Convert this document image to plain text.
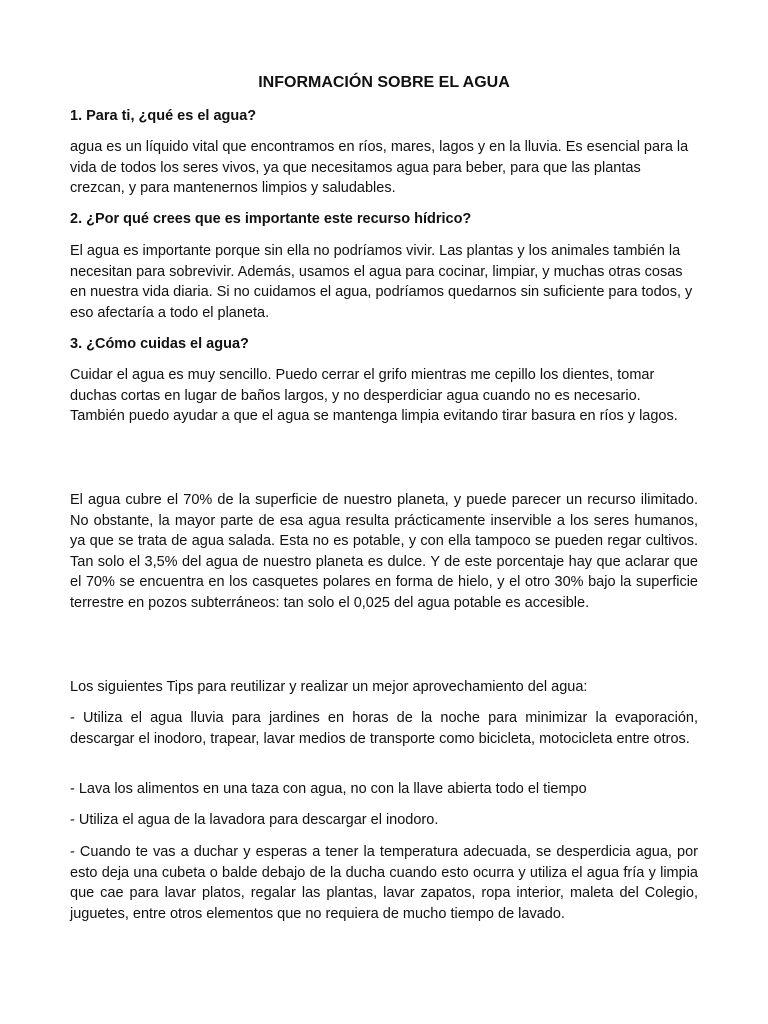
INFORMACIÓN SOBRE EL AGUA

1. Para ti, ¿qué es el agua?

agua es un líquido vital que encontramos en ríos, mares, lagos y en la lluvia. Es esencial para la vida de todos los seres vivos, ya que necesitamos agua para beber, para que las plantas crezcan, y para mantenernos limpios y saludables.

2. ¿Por qué crees que es importante este recurso hídrico?

El agua es importante porque sin ella no podríamos vivir. Las plantas y los animales también la necesitan para sobrevivir. Además, usamos el agua para cocinar, limpiar, y muchas otras cosas en nuestra vida diaria. Si no cuidamos el agua, podríamos quedarnos sin suficiente para todos, y eso afectaría a todo el planeta.

3. ¿Cómo cuidas el agua?

Cuidar el agua es muy sencillo. Puedo cerrar el grifo mientras me cepillo los dientes, tomar duchas cortas en lugar de baños largos, y no desperdiciar agua cuando no es necesario. También puedo ayudar a que el agua se mantenga limpia evitando tirar basura en ríos y lagos.

El agua cubre el 70% de la superficie de nuestro planeta, y puede parecer un recurso ilimitado. No obstante, la mayor parte de esa agua resulta prácticamente inservible a los seres humanos, ya que se trata de agua salada. Esta no es potable, y con ella tampoco se pueden regar cultivos. Tan solo el 3,5% del agua de nuestro planeta es dulce. Y de este porcentaje hay que aclarar que el 70% se encuentra en los casquetes polares en forma de hielo, y el otro 30% bajo la superficie terrestre en pozos subterráneos: tan solo el 0,025 del agua potable es accesible.

Los siguientes Tips para reutilizar y realizar un mejor aprovechamiento del agua:

- Utiliza el agua lluvia para jardines en horas de la noche para minimizar la evaporación, descargar el inodoro, trapear, lavar medios de transporte como bicicleta, motocicleta entre otros.

- Lava los alimentos en una taza con agua, no con la llave abierta todo el tiempo

- Utiliza el agua de la lavadora para descargar el inodoro.

- Cuando te vas a duchar y esperas a tener la temperatura adecuada, se desperdicia agua, por esto deja una cubeta o balde debajo de la ducha cuando esto ocurra y utiliza el agua fría y limpia que cae para lavar platos, regalar las plantas, lavar zapatos, ropa interior, maleta del Colegio, juguetes, entre otros elementos que no requiera de mucho tiempo de lavado.
